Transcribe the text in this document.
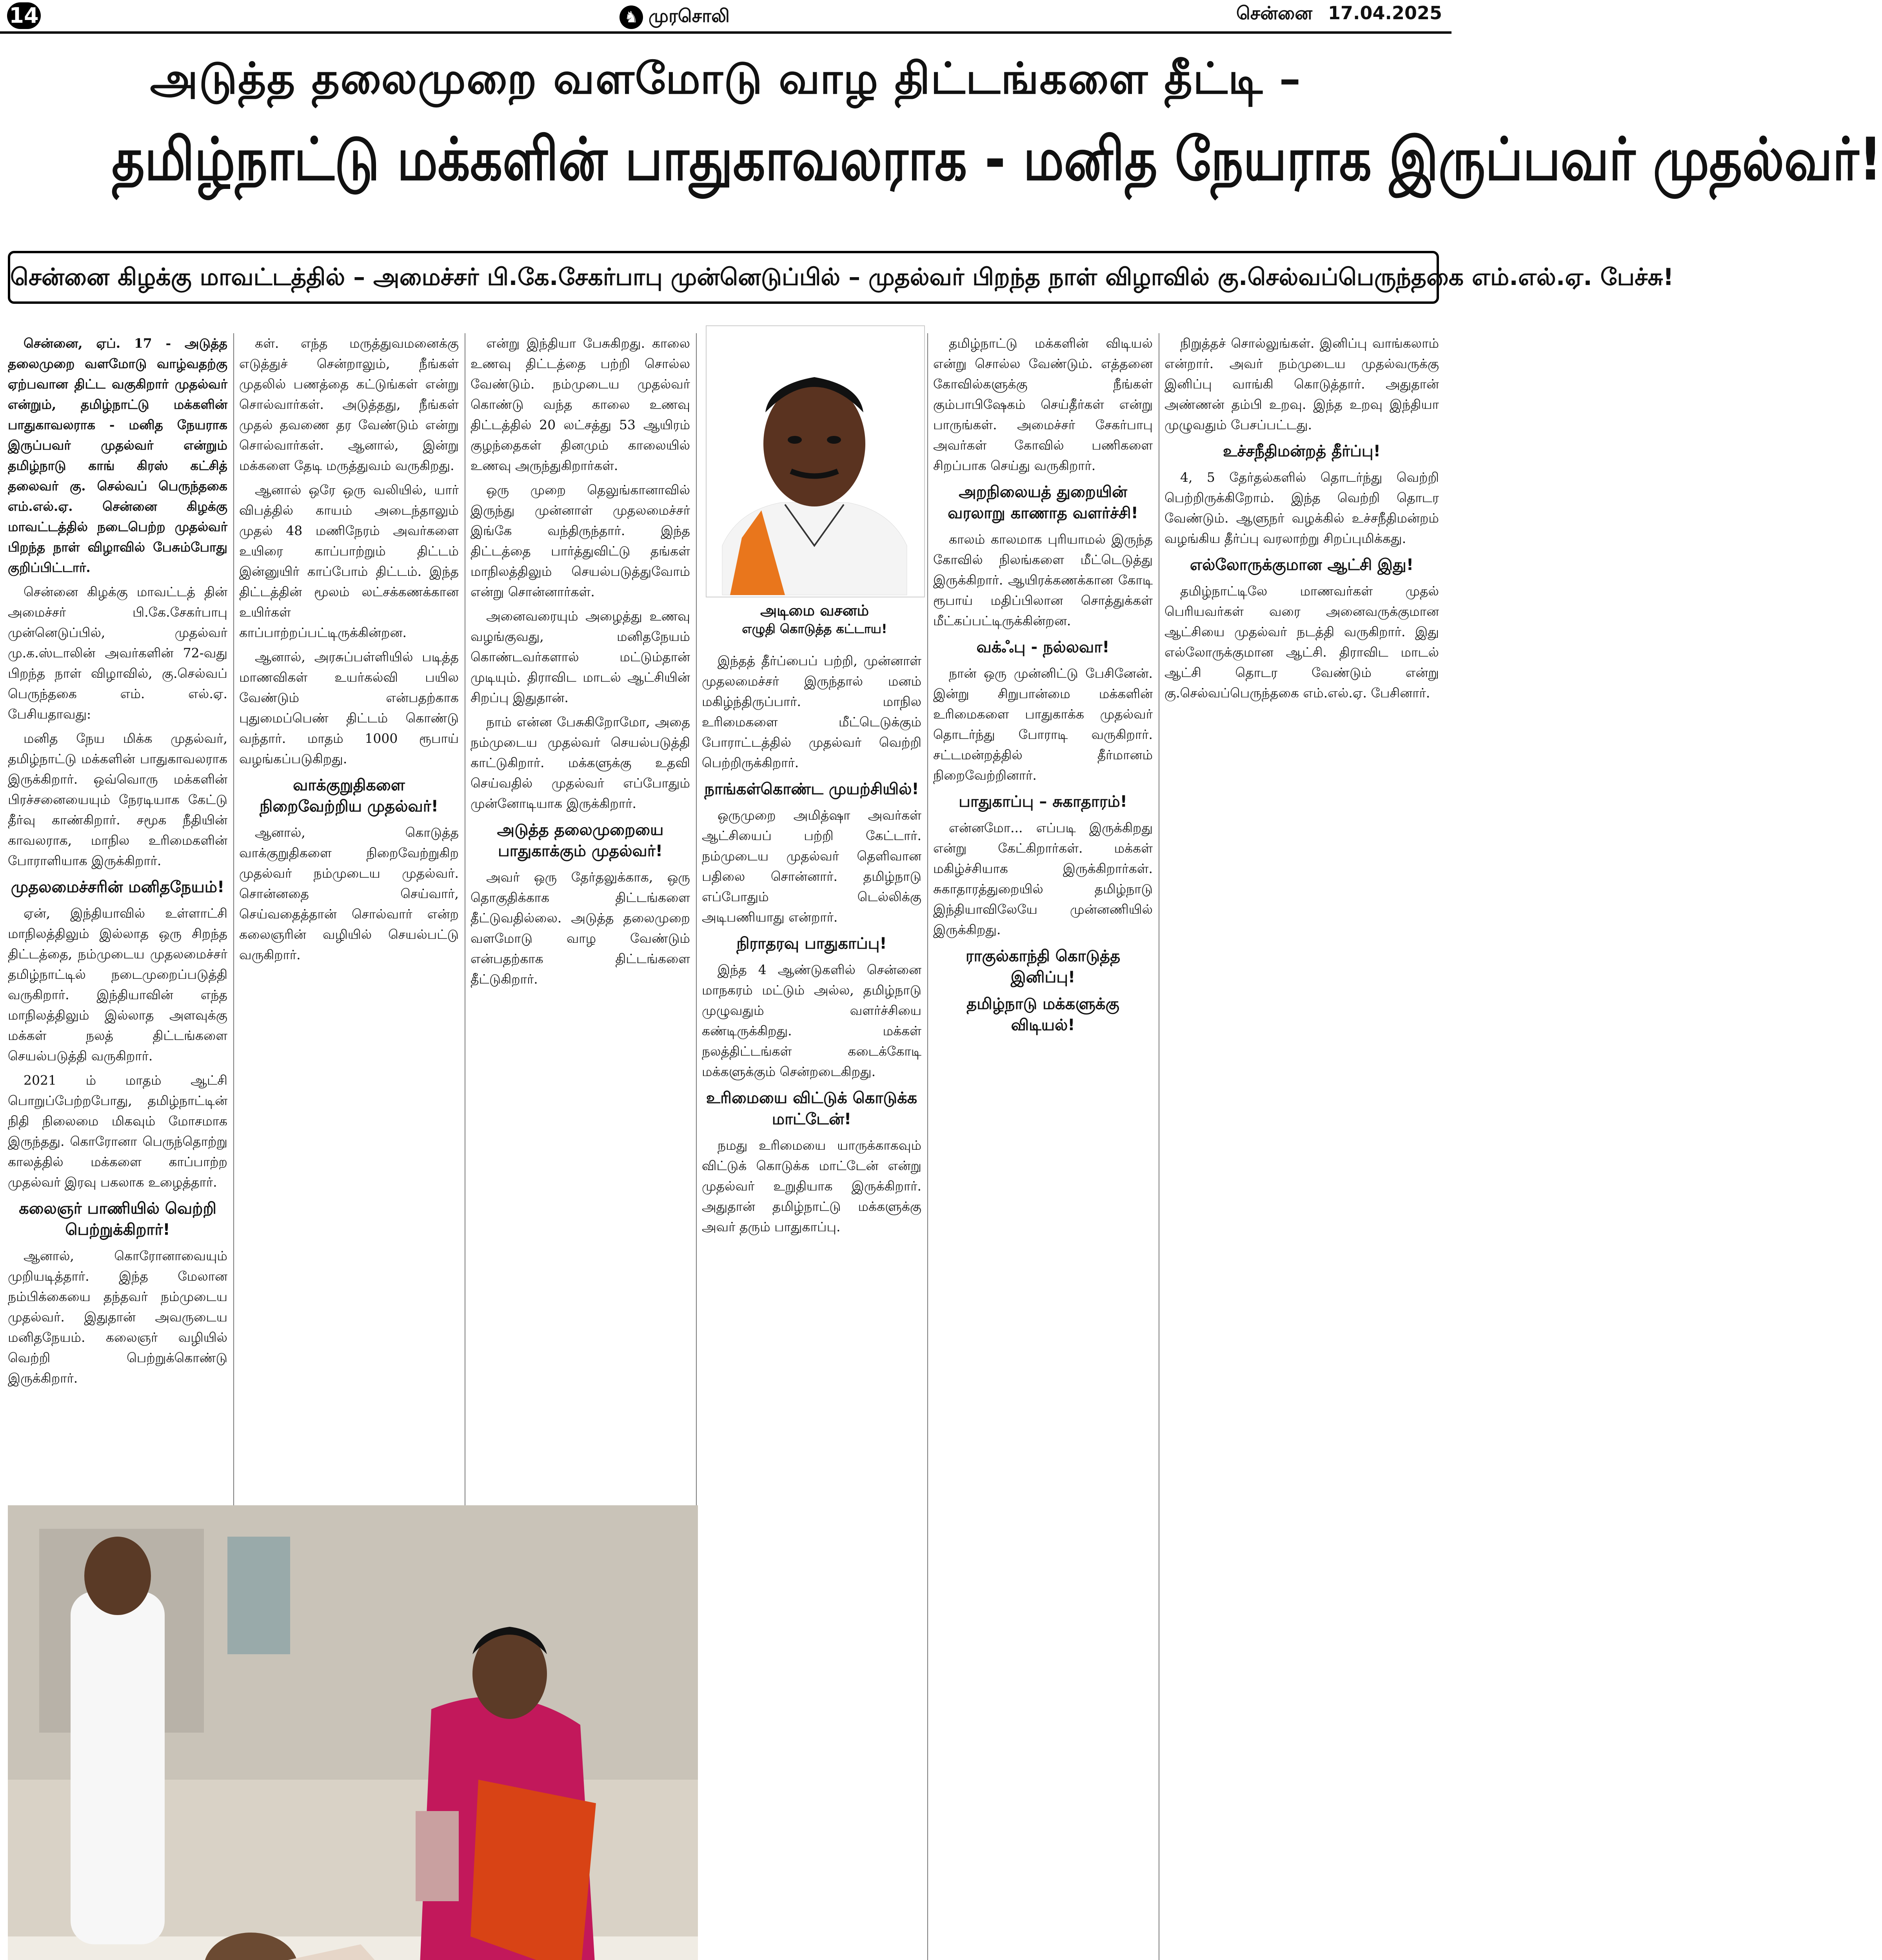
14	♞ முரசொலி	சென்னை 17.04.2025
அடுத்த தலைமுறை வளமோடு வாழ திட்டங்களை தீட்டி –
தமிழ்நாட்டு மக்களின் பாதுகாவலராக - மனித நேயராக இருப்பவர் முதல்வர்!
சென்னை கிழக்கு மாவட்டத்தில் – அமைச்சர் பி.கே.சேகர்பாபு முன்னெடுப்பில் – முதல்வர் பிறந்த நாள் விழாவில் கு.செல்வப்பெருந்தகை எம்.எல்.ஏ. பேச்சு!

சென்னை, ஏப். 17 - அடுத்த தலைமுறை வளமோடு வாழ்வதற்கு ஏற்பவான திட்ட வகுகிறார் முதல்வர் என்றும், தமிழ்நாட்டு மக்களின் பாதுகாவலராக - மனித நேயராக இருப்பவர் முதல்வர் என்றும் தமிழ்நாடு காங் கிரஸ் கட்சித் தலைவர் கு. செல்வப் பெருந்தகை எம்.எல்.ஏ. சென்னை கிழக்கு மாவட்டத்தில் நடைபெற்ற முதல்வர் பிறந்த நாள் விழாவில் பேசும்போது குறிப்பிட்டார்.

சென்னை கிழக்கு மாவட்டத் தின் அமைச்சர் பி.கே.சேகர்பாபு முன்னெடுப்பில், முதல்வர் மு.க.ஸ்டாலின் அவர்களின் 72-வது பிறந்த நாள் விழாவில், கு.செல்வப் பெருந்தகை எம். எல்.ஏ. பேசியதாவது:

மனித நேய மிக்க முதல்வர், தமிழ்நாட்டு மக்களின் பாதுகாவலராக இருக்கிறார். ஒவ்வொரு மக்களின் பிரச்சனையையும் நேரடியாக கேட்டு தீர்வு காண்கிறார். சமூக நீதியின் காவலராக, மாநில உரிமைகளின் போராளியாக இருக்கிறார்.

முதலமைச்சரின் மனிதநேயம்!

ஏன், இந்தியாவில் உள்ளாட்சி மாநிலத்திலும் இல்லாத ஒரு சிறந்த திட்டத்தை, நம்முடைய முதலமைச்சர் தமிழ்நாட்டில் நடைமுறைப்படுத்தி வருகிறார். இந்தியாவின் எந்த மாநிலத்திலும் இல்லாத அளவுக்கு மக்கள் நலத் திட்டங்களை செயல்படுத்தி வருகிறார்.

2021 ம் மாதம் ஆட்சி பொறுப்பேற்றபோது, தமிழ்நாட்டின் நிதி நிலைமை மிகவும் மோசமாக இருந்தது. கொரோனா பெருந்தொற்று காலத்தில் மக்களை காப்பாற்ற முதல்வர் இரவு பகலாக உழைத்தார்.

கலைஞர் பாணியில் வெற்றி பெற்றுக்கிறார்!

ஆனால், கொரோனாவையும் முறியடித்தார். இந்த மேலான நம்பிக்கையை தந்தவர் நம்முடைய முதல்வர். இதுதான் அவருடைய மனிதநேயம். கலைஞர் வழியில் வெற்றி பெற்றுக்கொண்டு இருக்கிறார்.

கள். எந்த மருத்துவமனைக்கு எடுத்துச் சென்றாலும், நீங்கள் முதலில் பணத்தை கட்டுங்கள் என்று சொல்வார்கள். அடுத்தது, நீங்கள் முதல் தவணை தர வேண்டும் என்று சொல்வார்கள். ஆனால், இன்று மக்களை தேடி மருத்துவம் வருகிறது.

ஆனால் ஒரே ஒரு வலியில், யார் விபத்தில் காயம் அடைந்தாலும் முதல் 48 மணிநேரம் அவர்களை உயிரை காப்பாற்றும் திட்டம் இன்னுயிர் காப்போம் திட்டம். இந்த திட்டத்தின் மூலம் லட்சக்கணக்கான உயிர்கள் காப்பாற்றப்பட்டிருக்கின்றன.

ஆனால், அரசுப்பள்ளியில் படித்த மாணவிகள் உயர்கல்வி பயில வேண்டும் என்பதற்காக புதுமைப்பெண் திட்டம் கொண்டு வந்தார். மாதம் 1000 ரூபாய் வழங்கப்படுகிறது.

வாக்குறுதிகளை நிறைவேற்றிய முதல்வர்!

ஆனால், கொடுத்த வாக்குறுதிகளை நிறைவேற்றுகிற முதல்வர் நம்முடைய முதல்வர். சொன்னதை செய்வார், செய்வதைத்தான் சொல்வார் என்ற கலைஞரின் வழியில் செயல்பட்டு வருகிறார்.

என்று இந்தியா பேசுகிறது. காலை உணவு திட்டத்தை பற்றி சொல்ல வேண்டும். நம்முடைய முதல்வர் கொண்டு வந்த காலை உணவு திட்டத்தில் 20 லட்சத்து 53 ஆயிரம் குழந்தைகள் தினமும் காலையில் உணவு அருந்துகிறார்கள்.

ஒரு முறை தெலுங்கானாவில் இருந்து முன்னாள் முதலமைச்சர் இங்கே வந்திருந்தார். இந்த திட்டத்தை பார்த்துவிட்டு தங்கள் மாநிலத்திலும் செயல்படுத்துவோம் என்று சொன்னார்கள்.

அனைவரையும் அழைத்து உணவு வழங்குவது, மனிதநேயம் கொண்டவர்களால் மட்டும்தான் முடியும். திராவிட மாடல் ஆட்சியின் சிறப்பு இதுதான்.

நாம் என்ன பேசுகிறோமோ, அதை நம்முடைய முதல்வர் செயல்படுத்தி காட்டுகிறார். மக்களுக்கு உதவி செய்வதில் முதல்வர் எப்போதும் முன்னோடியாக இருக்கிறார்.

அடுத்த தலைமுறையை பாதுகாக்கும் முதல்வர்!

அவர் ஒரு தேர்தலுக்காக, ஒரு தொகுதிக்காக திட்டங்களை தீட்டுவதில்லை. அடுத்த தலைமுறை வளமோடு வாழ வேண்டும் என்பதற்காக திட்டங்களை தீட்டுகிறார்.

அடிமை வசனம்
எழுதி கொடுத்த கட்டாய!

இந்தத் தீர்ப்பைப் பற்றி, முன்னாள் முதலமைச்சர் இருந்தால் மனம் மகிழ்ந்திருப்பார். மாநில உரிமைகளை மீட்டெடுக்கும் போராட்டத்தில் முதல்வர் வெற்றி பெற்றிருக்கிறார்.

நாங்கள்கொண்ட முயற்சியில்!

ஒருமுறை அமித்ஷா அவர்கள் ஆட்சியைப் பற்றி கேட்டார். நம்முடைய முதல்வர் தெளிவான பதிலை சொன்னார். தமிழ்நாடு எப்போதும் டெல்லிக்கு அடிபணியாது என்றார்.

நிராதரவு பாதுகாப்பு!

இந்த 4 ஆண்டுகளில் சென்னை மாநகரம் மட்டும் அல்ல, தமிழ்நாடு முழுவதும் வளர்ச்சியை கண்டிருக்கிறது. மக்கள் நலத்திட்டங்கள் கடைக்கோடி மக்களுக்கும் சென்றடைகிறது.

உரிமையை விட்டுக் கொடுக்க மாட்டேன்!

நமது உரிமையை யாருக்காகவும் விட்டுக் கொடுக்க மாட்டேன் என்று முதல்வர் உறுதியாக இருக்கிறார். அதுதான் தமிழ்நாட்டு மக்களுக்கு அவர் தரும் பாதுகாப்பு.

தமிழ்நாட்டு மக்களின் விடியல் என்று சொல்ல வேண்டும். எத்தனை கோவில்களுக்கு நீங்கள் கும்பாபிஷேகம் செய்தீர்கள் என்று பாருங்கள். அமைச்சர் சேகர்பாபு அவர்கள் கோவில் பணிகளை சிறப்பாக செய்து வருகிறார்.

அறநிலையத் துறையின் வரலாறு காணாத வளர்ச்சி!

காலம் காலமாக புரியாமல் இருந்த கோவில் நிலங்களை மீட்டெடுத்து இருக்கிறார். ஆயிரக்கணக்கான கோடி ரூபாய் மதிப்பிலான சொத்துக்கள் மீட்கப்பட்டிருக்கின்றன.

வக்ஃபு - நல்லவா!

நான் ஒரு முன்னிட்டு பேசினேன். இன்று சிறுபான்மை மக்களின் உரிமைகளை பாதுகாக்க முதல்வர் தொடர்ந்து போராடி வருகிறார். சட்டமன்றத்தில் தீர்மானம் நிறைவேற்றினார்.

பாதுகாப்பு – சுகாதாரம்!

என்னமோ... எப்படி இருக்கிறது என்று கேட்கிறார்கள். மக்கள் மகிழ்ச்சியாக இருக்கிறார்கள். சுகாதாரத்துறையில் தமிழ்நாடு இந்தியாவிலேயே முன்னணியில் இருக்கிறது.

ராகுல்காந்தி கொடுத்த இனிப்பு!
தமிழ்நாடு மக்களுக்கு விடியல்!

நிறுத்தச் சொல்லுங்கள். இனிப்பு வாங்கலாம் என்றார். அவர் நம்முடைய முதல்வருக்கு இனிப்பு வாங்கி கொடுத்தார். அதுதான் அண்ணன் தம்பி உறவு. இந்த உறவு இந்தியா முழுவதும் பேசப்பட்டது.

உச்சநீதிமன்றத் தீர்ப்பு!

4, 5 தேர்தல்களில் தொடர்ந்து வெற்றி பெற்றிருக்கிறோம். இந்த வெற்றி தொடர வேண்டும். ஆளுநர் வழக்கில் உச்சநீதிமன்றம் வழங்கிய தீர்ப்பு வரலாற்று சிறப்புமிக்கது.

எல்லோருக்குமான ஆட்சி இது!

தமிழ்நாட்டிலே மாணவர்கள் முதல் பெரியவர்கள் வரை அனைவருக்குமான ஆட்சியை முதல்வர் நடத்தி வருகிறார். இது எல்லோருக்குமான ஆட்சி. திராவிட மாடல் ஆட்சி தொடர வேண்டும் என்று கு.செல்வப்பெருந்தகை எம்.எல்.ஏ. பேசினார்.
